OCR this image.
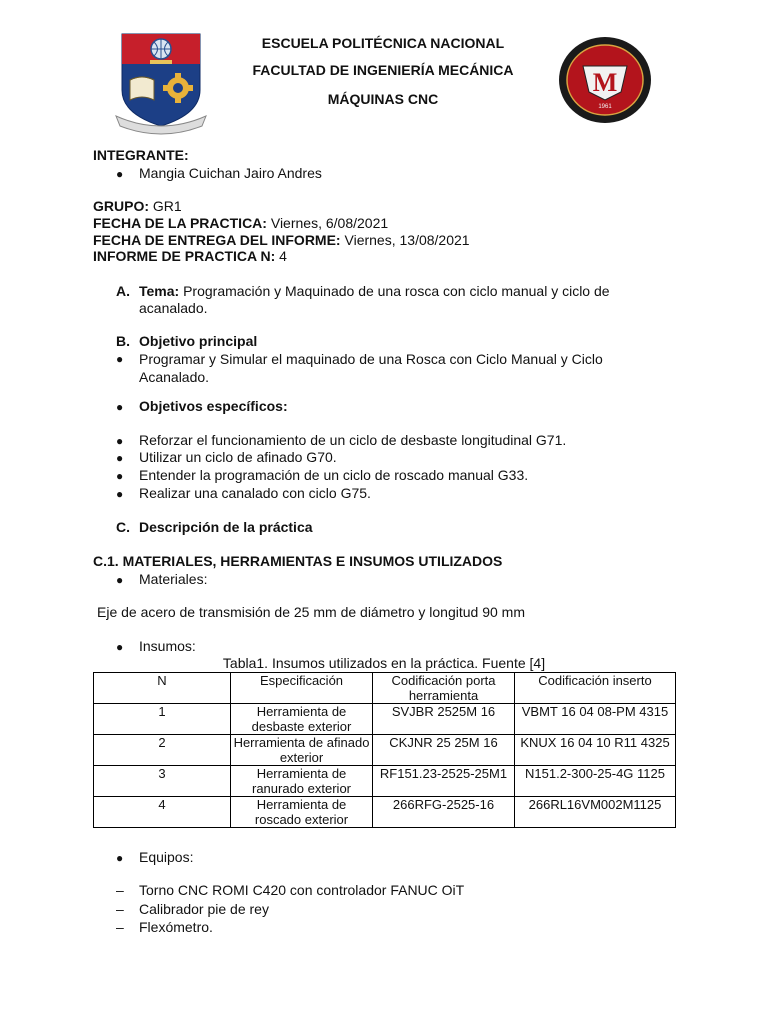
M
1961
ESCUELA POLITÉCNICA NACIONAL
FACULTAD DE INGENIERÍA MECÁNICA
MÁQUINAS CNC
INTEGRANTE:
● Mangia Cuichan Jairo Andres
GRUPO: GR1
FECHA DE LA PRACTICA: Viernes, 6/08/2021
FECHA DE ENTREGA DEL INFORME: Viernes, 13/08/2021
INFORME DE PRACTICA N: 4
A. Tema: Programación y Maquinado de una rosca con ciclo manual y ciclo de
acanalado.
B. Objetivo principal
● Programar y Simular el maquinado de una Rosca con Ciclo Manual y Ciclo
Acanalado.
● Objetivos específicos:
● Reforzar el funcionamiento de un ciclo de desbaste longitudinal G71.
● Utilizar un ciclo de afinado G70.
● Entender la programación de un ciclo de roscado manual G33.
● Realizar una canalado con ciclo G75.
C. Descripción de la práctica
C.1. MATERIALES, HERRAMIENTAS E INSUMOS UTILIZADOS
● Materiales:
Eje de acero de transmisión de 25 mm de diámetro y longitud 90 mm
● Insumos:
Tabla1. Insumos utilizados en la práctica. Fuente [4]
N	Especificación	Codificación porta herramienta	Codificación inserto
1	Herramienta de desbaste exterior	SVJBR 2525M 16	VBMT 16 04 08-PM 4315
2	Herramienta de afinado exterior	CKJNR 25 25M 16	KNUX 16 04 10 R11 4325
3	Herramienta de ranurado exterior	RF151.23-2525-25M1	N151.2-300-25-4G 1125
4	Herramienta de roscado exterior	266RFG-2525-16	266RL16VM002M1125
● Equipos:
– Torno CNC ROMI C420 con controlador FANUC OiT
– Calibrador pie de rey
– Flexómetro.
